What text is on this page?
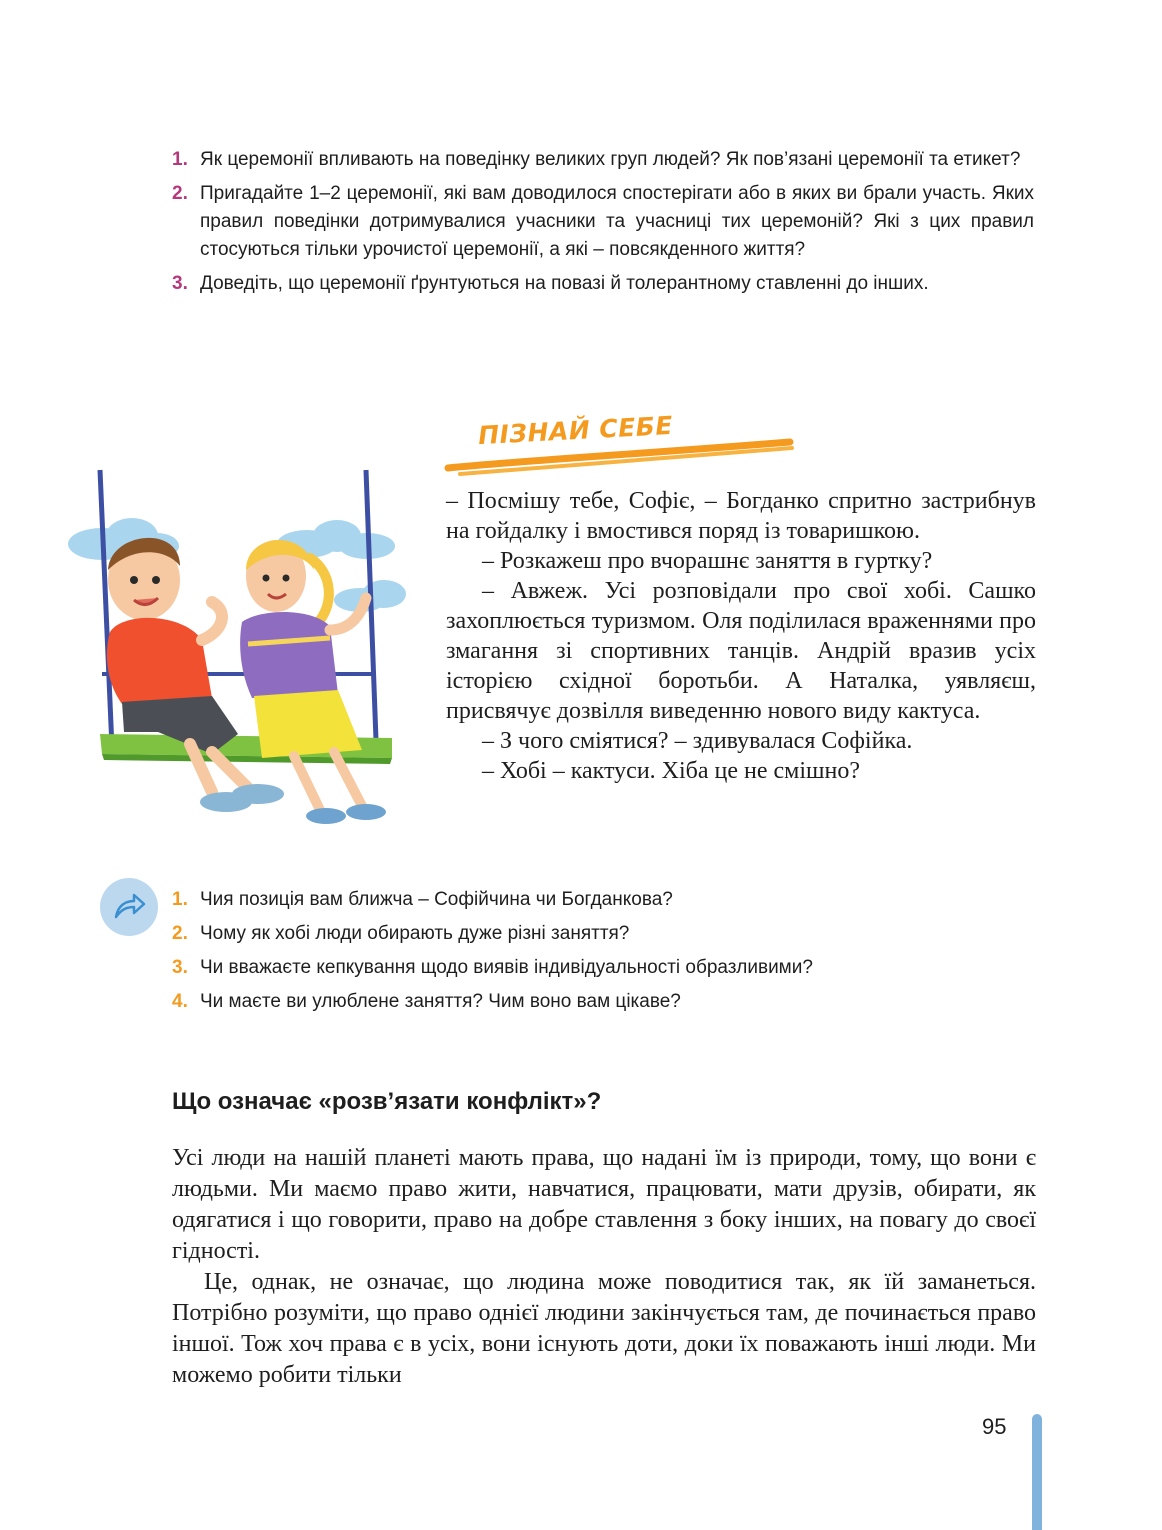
1. Як церемонії впливають на поведінку великих груп людей? Як пов’язані церемонії та етикет?
2. Пригадайте 1–2 церемонії, які вам доводилося спостерігати або в яких ви брали участь. Яких правил поведінки дотримувалися учасники та учасниці тих церемоній? Які з цих правил стосуються тільки урочистої церемонії, а які – повсякденного життя?
3. Доведіть, що церемонії ґрунтуються на повазі й толерантному ставленні до інших.
ПІЗНАЙ СЕБЕ

– Посмішу тебе, Софіє, – Богданко спритно застрибнув на гойдалку і вмостився поряд із товаришкою.

– Розкажеш про вчорашнє заняття в гуртку?

– Авжеж. Усі розповідали про свої хобі. Сашко захоплюється туризмом. Оля поділилася враженнями про змагання зі спортивних танців. Андрій вразив усіх історією східної боротьби. А Наталка, уявляєш, присвячує дозвілля виведенню нового виду кактуса.

– З чого сміятися? – здивувалася Софійка.

– Хобі – кактуси. Хіба це не смішно?

1. Чия позиція вам ближча – Софійчина чи Богданкова?
2. Чому як хобі люди обирають дуже різні заняття?
3. Чи вважаєте кепкування щодо виявів індивідуальності образливими?
4. Чи маєте ви улюблене заняття? Чим воно вам цікаве?
Що означає «розв’язати конфлікт»?

Усі люди на нашій планеті мають права, що надані їм із природи, тому, що вони є людьми. Ми маємо право жити, навчатися, працювати, мати друзів, обирати, як одягатися і що говорити, право на добре ставлення з боку інших, на повагу до своєї гідності.

Це, однак, не означає, що людина може поводитися так, як їй заманеться. Потрібно розуміти, що право однієї людини закінчується там, де починається право іншої. Тож хоч права є в усіх, вони існують доти, доки їх поважають інші люди. Ми можемо робити тільки

95
